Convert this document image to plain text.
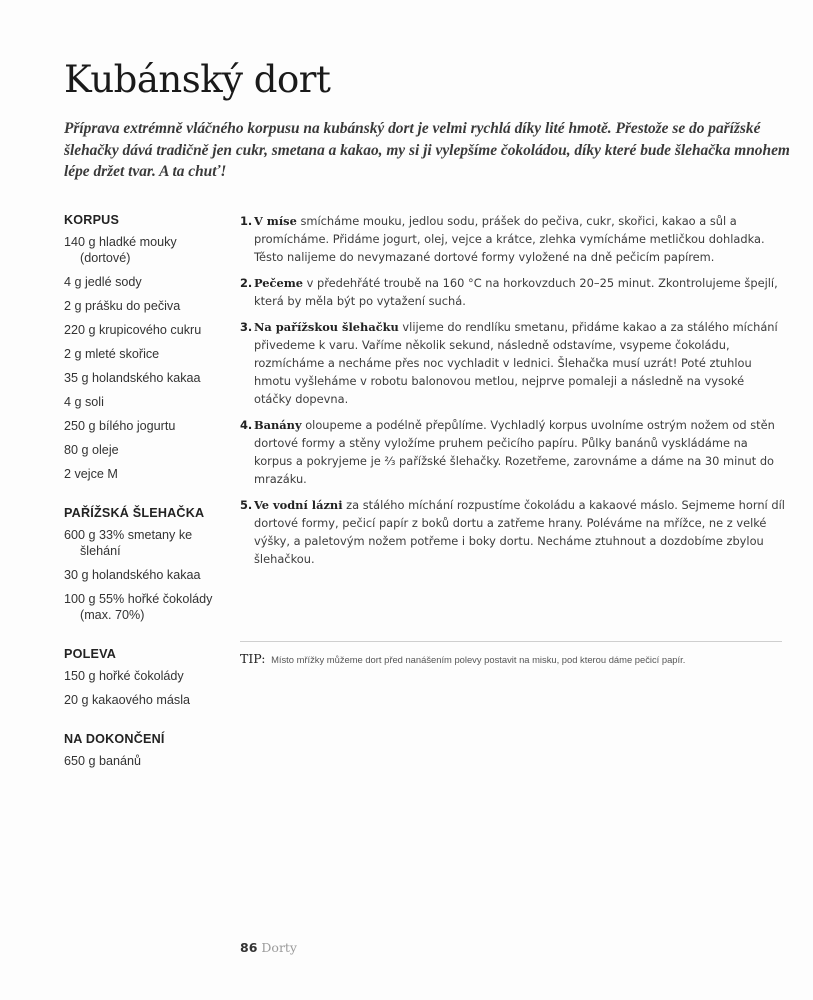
Kubánský dort

Příprava extrémně vláčného korpusu na kubánský dort je velmi rychlá díky lité hmotě. Přestože se do pařížské šlehačky dává tradičně jen cukr, smetana a kakao, my si ji vylepšíme čokoládou, díky které bude šlehačka mnohem lépe držet tvar. A ta chuť!

KORPUS
140 g hladké mouky (dortové)
4 g jedlé sody
2 g prášku do pečiva
220 g krupicového cukru
2 g mleté skořice
35 g holandského kakaa
4 g soli
250 g bílého jogurtu
80 g oleje
2 vejce M
PAŘÍŽSKÁ ŠLEHAČKA
600 g 33% smetany ke šlehání
30 g holandského kakaa
100 g 55% hořké čokolády (max. 70%)
POLEVA
150 g hořké čokolády
20 g kakaového másla
NA DOKONČENÍ
650 g banánů
1. V míse smícháme mouku, jedlou sodu, prášek do pečiva, cukr, skořici, kakao a sůl a promícháme. Přidáme jogurt, olej, vejce a krátce, zlehka vymícháme metličkou dohladka. Těsto nalijeme do nevymazané dortové formy vyložené na dně pečicím papírem.
2. Pečeme v předehřáté troubě na 160 °C na horkovzduch 20–25 minut. Zkontrolujeme špejlí, která by měla být po vytažení suchá.
3. Na pařížskou šlehačku vlijeme do rendlíku smetanu, přidáme kakao a za stálého míchání přivedeme k varu. Vaříme několik sekund, následně odstavíme, vsypeme čokoládu, rozmícháme a necháme přes noc vychladit v lednici. Šlehačka musí uzrát! Poté ztuhlou hmotu vyšleháme v robotu balonovou metlou, nejprve pomaleji a následně na vysoké otáčky dopevna.
4. Banány oloupeme a podélně přepůlíme. Vychladlý korpus uvolníme ostrým nožem od stěn dortové formy a stěny vyložíme pruhem pečicího papíru. Půlky banánů vyskládáme na korpus a pokryjeme je ⅔ pařížské šlehačky. Rozetřeme, zarovnáme a dáme na 30 minut do mrazáku.
5. Ve vodní lázni za stálého míchání rozpustíme čokoládu a kakaové máslo. Sejmeme horní díl dortové formy, pečicí papír z boků dortu a zatřeme hrany. Poléváme na mřížce, ne z velké výšky, a paletovým nožem potřeme i boky dortu. Necháme ztuhnout a dozdobíme zbylou šlehačkou.
TIP: Místo mřížky můžeme dort před nanášením polevy postavit na misku, pod kterou dáme pečicí papír.
86 Dorty
